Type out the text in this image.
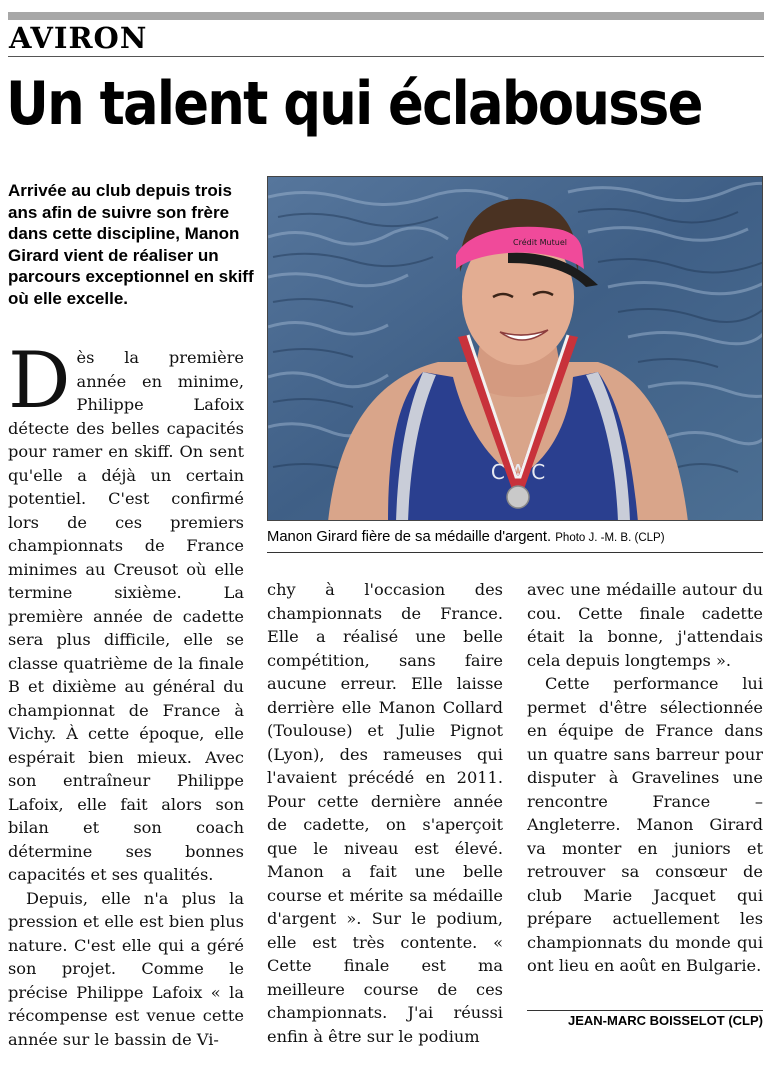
AVIRON
Un talent qui éclabousse
Arrivée au club depuis trois ans afin de suivre son frère dans cette discipline, Manon Girard vient de réaliser un parcours exceptionnel en skiff où elle excelle.

Dès la première année en minime, Philippe Lafoix détecte des belles capacités pour ramer en skiff. On sent qu'elle a déjà un certain potentiel. C'est confirmé lors de ces premiers championnats de France minimes au Creusot où elle termine sixième. La première année de cadette sera plus difficile, elle se classe quatrième de la finale B et dixième au général du championnat de France à Vichy. À cette époque, elle espérait bien mieux. Avec son entraîneur Philippe Lafoix, elle fait alors son bilan et son coach détermine ses bonnes capacités et ses qualités.

Depuis, elle n'a plus la pression et elle est bien plus nature. C'est elle qui a géré son projet. Comme le précise Philippe Lafoix « la récompense est venue cette année sur le bassin de Vi-

C A C
Crédit Mutuel
Manon Girard fière de sa médaille d'argent. Photo J. -M. B. (CLP)

chy à l'occasion des championnats de France. Elle a réalisé une belle compétition, sans faire aucune erreur. Elle laisse derrière elle Manon Collard (Toulouse) et Julie Pignot (Lyon), des rameuses qui l'avaient précédé en 2011. Pour cette dernière année de cadette, on s'aperçoit que le niveau est élevé. Manon a fait une belle course et mérite sa médaille d'argent ». Sur le podium, elle est très contente. « Cette finale est ma meilleure course de ces championnats. J'ai réussi enfin à être sur le podium

avec une médaille autour du cou. Cette finale cadette était la bonne, j'attendais cela depuis longtemps ».

Cette performance lui permet d'être sélectionnée en équipe de France dans un quatre sans barreur pour disputer à Gravelines une rencontre France – Angleterre. Manon Girard va monter en juniors et retrouver sa consœur de club Marie Jacquet qui prépare actuellement les championnats du monde qui ont lieu en août en Bulgarie.

JEAN-MARC BOISSELOT (CLP)
